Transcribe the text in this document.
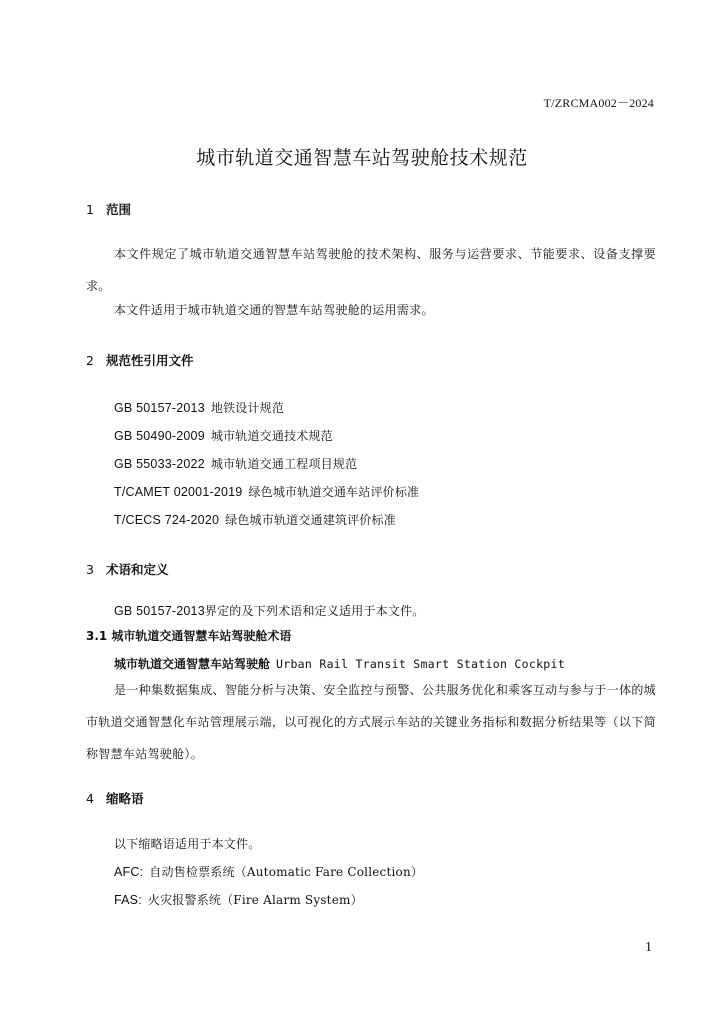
T/ZRCMA002－2024
城市轨道交通智慧车站驾驶舱技术规范
1 范围

本文件规定了城市轨道交通智慧车站驾驶舱的技术架构、服务与运营要求、节能要求、设备支撑要求。

本文件适用于城市轨道交通的智慧车站驾驶舱的运用需求。

2 规范性引用文件
GB 50157-2013 地铁设计规范
GB 50490-2009 城市轨道交通技术规范
GB 55033-2022 城市轨道交通工程项目规范
T/CAMET 02001-2019 绿色城市轨道交通车站评价标准
T/CECS 724-2020 绿色城市轨道交通建筑评价标准
3 术语和定义
GB 50157-2013界定的及下列术语和定义适用于本文件。
3.1 城市轨道交通智慧车站驾驶舱术语
城市轨道交通智慧车站驾驶舱 Urban Rail Transit Smart Station Cockpit

是一种集数据集成、智能分析与决策、安全监控与预警、公共服务优化和乘客互动与参与于一体的城市轨道交通智慧化车站管理展示端，以可视化的方式展示车站的关键业务指标和数据分析结果等（以下简称智慧车站驾驶舱）。

4 缩略语
以下缩略语适用于本文件。
AFC: 自动售检票系统（Automatic Fare Collection）
FAS: 火灾报警系统（Fire Alarm System）
1
